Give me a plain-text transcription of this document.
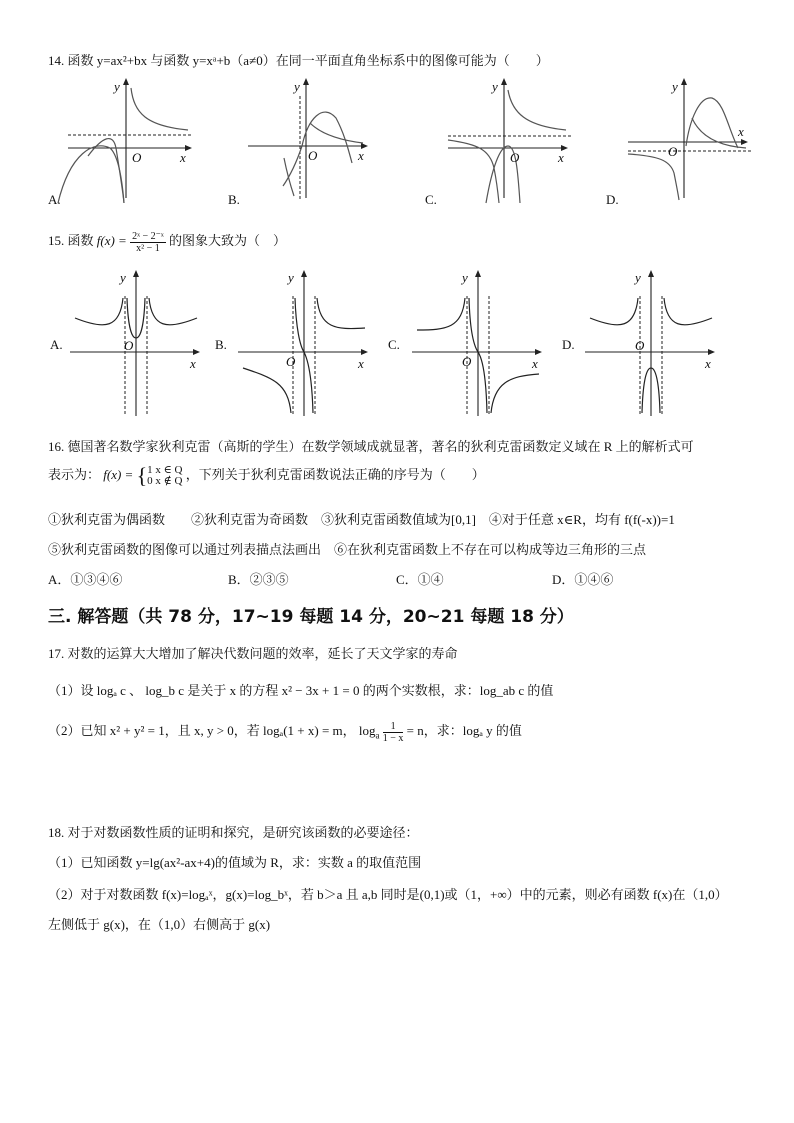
14. 函数 y=ax²+bx 与函数 y=xᵃ+b（a≠0）在同一平面直角坐标系中的图像可能为（　　）
y
x
O
A.
y
x
O
B.
y
x
O
C.
y
x
O
D.
15. 函数 $f(x) = \frac{\text{2ˣ − 2⁻ˣ}}{\text{x² − 1}}$ 的图象大致为（　）
y
x
O
A.
y
x
O
B.
y
x
O
C.
y
x
O
D.
16. 德国著名数学家狄利克雷（高斯的学生）在数学领域成就显著，著名的狄利克雷函数定义域在 R 上的解析式可
表示为： f(x) = {1 x ∈ Q
0 x ∉ Q ，下列关于狄利克雷函数说法正确的序号为（　　）
①狄利克雷为偶函数　　②狄利克雷为奇函数　③狄利克雷函数值域为[0,1]　④对于任意 x∈R，均有 f(f(-x))=1
⑤狄利克雷函数的图像可以通过列表描点法画出　⑥在狄利克雷函数上不存在可以构成等边三角形的三点
A．①③④⑥	B．②③⑤	C．①④	D．①④⑥
三. 解答题（共 78 分，17~19 每题 14 分，20~21 每题 18 分）
17. 对数的运算大大增加了解决代数问题的效率，延长了天文学家的寿命
（1）设 logₐ c 、 log_b c 是关于 x 的方程 x² − 3x + 1 = 0 的两个实数根，求：log_ab c 的值
（2）已知 x² + y² = 1，且 x, y > 0，若 logₐ(1 + x) = m， $\log_a \frac{1}{1 - x} = n$，求：logₐ y 的值
18. 对于对数函数性质的证明和探究，是研究该函数的必要途径：
（1）已知函数 y=lg(ax²-ax+4)的值域为 R，求：实数 a 的取值范围
（2）对于对数函数 f(x)=logₐˣ，g(x)=log_bˣ，若 b＞a 且 a,b 同时是(0,1)或（1，+∞）中的元素，则必有函数 f(x)在（1,0）
左侧低于 g(x)，在（1,0）右侧高于 g(x)
